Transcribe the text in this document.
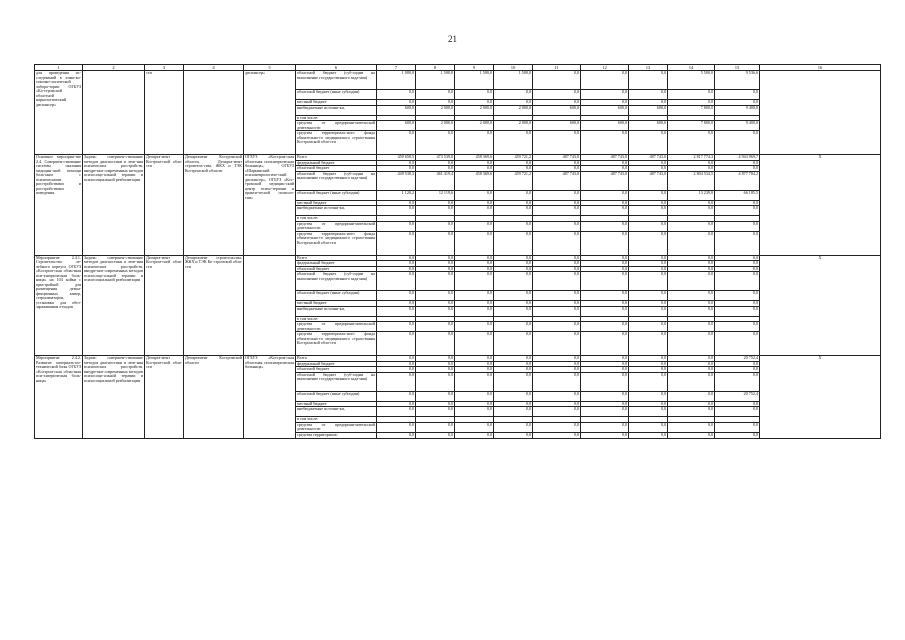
21
1	2	3	4	5	6	7	8	9	10	11	12	13	14	15	16
для проведения ис-следований в хими-ко-токсико-логической лабора-тории ОГБУЗ «Ко-стромской областной наркологический диспансер»		сти		диспансер»	областной бюджет (суб-сидии на выполнение государственного зада-ния)	1 000,0	1 500,0	1 500,0	1 500,0	0,0	0,0	0,0	5 500,0	9 536,6	
					областной бюджет (иные субсидии)	0,0	0,0	0,0	0,0	0,0	0,0	0,0	0,0	0,0	
					местный бюджет	0,0	0,0	0,0	0,0	0,0	0,0	0,0	0,0	0,0	
					внебюджетные источни-ки,	600,0	2 000,0	2 000,0	2 000,0	600,0	600,0	600,0	7 800,0	9 400,0	
					в том числе:										
					средства от предприни-мательской деятельности	600,0	2 000,0	2 000,0	2 000,0	600,0	600,0	600,0	7 800,0	9 400,0	
					средства территориаль-ного фонда обязательно-го медицинского страхо-вания Костромской обла-сти	0,0	0,0	0,0	0,0	0,0	0,0	0,0	0,0	0,0	
Основное мероприя-тие 2.4. Совершен-ствование системы оказания медицин-ской помощи боль-ным с психическими расстройствами и расстройствами поведения	Задача: совершен-ствование методов диагностики и лече-ния психических расстройств, внедре-ние современных методов психосоци-альной терапии и психосоциальной реабилитации	Департа-мент Костром-ской обла-сти	Департамент Костромской области, Департа-мент строитель-ства, ЖКХ и ТЭК Костромской области	ОГБУЗ «Костром-ская областная психиатрическая больница», ОГБУЗ «Шарьинский психоневрологиче-ский диспансер», ОГБУЗ «Кос-тромской медицин-ский центр психо-терапии и практи-ческой психоло-гии»	Всего	450 658,5	473 539,0	458 369,6	459 721,2	487 743,0	487 743,0	487 743,0	2 817 774,3	4 943 969,7	X
					федеральный бюджет	0,0	0,0	0,0	0,0	0,0	0,0	0,0	0,0	0,0	
					областной бюджет	0,0	0,0	0,0	0,0	0,0	0,0	0,0	0,0	0,0	
					областной бюджет (суб-сидии на выполнение государственного зада-ния)	449 538,3	461 419,4	458 369,6	459 721,2	487 743,0	487 743,0	487 743,0	2 804 534,5	4 877 784,2	
					областной бюджет (иные субсидии)	1 120,2	12 119,6	0,0	0,0	0,0	0,0	0,0	13 239,8	66 185,5	
					местный бюджет	0,0	0,0	0,0	0,0	0,0	0,0	0,0	0,0	0,0	
					внебюджетные источни-ки,	0,0	0,0	0,0	0,0	0,0	0,0	0,0	0,0	0,0	
					в том числе:										
					средства от предприни-мательской деятельности	0,0	0,0	0,0	0,0	0,0	0,0	0,0	0,0	0,0	
					средства территориаль-ного фонда обязательно-го медицинского страхо-вания Костромской обла-сти	0,0	0,0	0,0	0,0	0,0	0,0	0,0	0,0	0,0	
Мероприятие 2.4.1. Строительство ле-чебного корпуса ОГБУЗ «Костром-ская областная пси-хиатрическая боль-ница» на 104 койки с пристройкой для размещения дезин-фекционных камер, стерилизаторов, установки для обез-зараживания отходов	Задача: совершен-ствование методов диагностики и лече-ния психических расстройств, внедре-ние современных методов психосоци-альной терапии и психосоциальной реабилитации	Департа-мент Костром-ской обла-сти	Департамент строительства, ЖКХ и ТЭК Ко-стромской обла-сти		Всего	0,0	0,0	0,0	0,0	0,0	0,0	0,0	0,0	0,0	X
					федеральный бюджет	0,0	0,0	0,0	0,0	0,0	0,0	0,0	0,0	0,0	
					областной бюджет	0,0	0,0	0,0	0,0	0,0	0,0	0,0	0,0	0,0	
					областной бюджет (суб-сидии на выполнение государственного зада-ния)	0,0	0,0	0,0	0,0	0,0	0,0	0,0	0,0	0,0	
					областной бюджет (иные субсидии)	0,0	0,0	0,0	0,0	0,0	0,0	0,0	0,0	0,0	
					местный бюджет	0,0	0,0	0,0	0,0	0,0	0,0	0,0	0,0	0,0	
					внебюджетные источни-ки,	0,0	0,0	0,0	0,0	0,0	0,0	0,0	0,0	0,0	
					в том числе:										
					средства от предприни-мательской деятельности	0,0	0,0	0,0	0,0	0,0	0,0	0,0	0,0	0,0	
					средства территориаль-ного фонда обязательно-го медицинского страхо-вания Костромской обла-сти	0,0	0,0	0,0	0,0	0,0	0,0	0,0	0,0	0,0	
Мероприятие 2.4.2. Развитие материаль-но-технической базы ОГБУЗ «Костром-ская областная пси-хиатрическая боль-ница»	Задача: совершен-ствование методов диагностики и лече-ния психических расстройств, внедре-ние современных методов психосоци-альной терапии и психосоциальной реабилитации	Департа-мент Костром-ской обла-сти	Департамент Костромской области	ОГБУЗ «Костром-ская областная психиатрическая больница»	Всего	0,0	0,0	0,0	0,0	0,0	0,0	0,0	0,0	20 752,4	X
					федеральный бюджет	0,0	0,0	0,0	0,0	0,0	0,0	0,0	0,0	0,0	
					областной бюджет	0,0	0,0	0,0	0,0	0,0	0,0	0,0	0,0	0,0	
					областной бюджет (суб-сидии на выполнение государственного зада-ния)	0,0	0,0	0,0	0,0	0,0	0,0	0,0	0,0	0,0	
					областной бюджет (иные субсидии)	0,0	0,0	0,0	0,0	0,0	0,0	0,0	0,0	20 752,4	
					местный бюджет	0,0	0,0	0,0	0,0	0,0	0,0	0,0	0,0	0,0	
					внебюджетные источни-ки,	0,0	0,0	0,0	0,0	0,0	0,0	0,0	0,0	0,0	
					в том числе:										
					средства от предприни-мательской деятельности	0,0	0,0	0,0	0,0	0,0	0,0	0,0	0,0	0,0	
					средства территориаль-	0,0	0,0	0,0	0,0	0,0	0,0	0,0	0,0	0,0	
